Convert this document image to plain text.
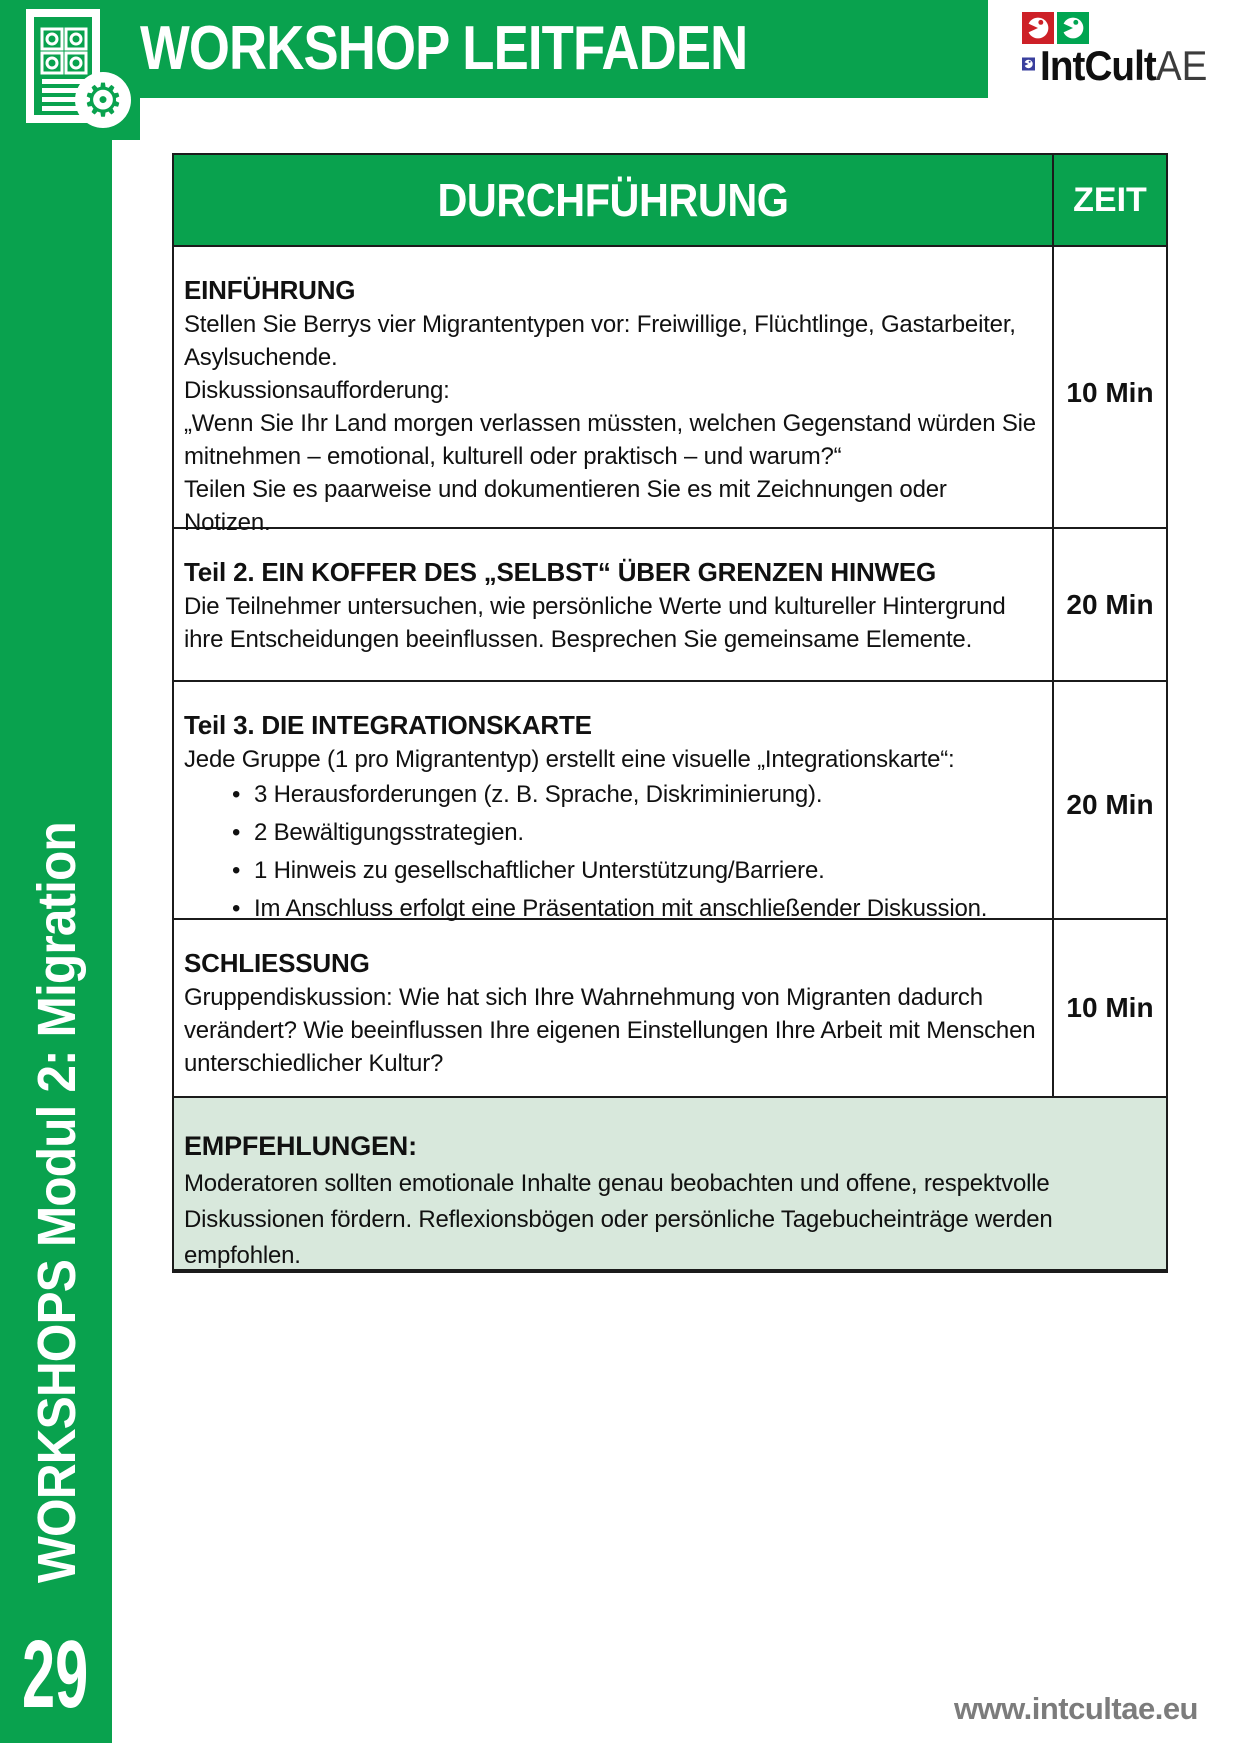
WORKSHOPS Modul 2: Migration
29
WORKSHOP LEITFADEN
⚙
IntCultAE
DURCHFÜHRUNG	ZEIT
EINFÜHRUNG

Stellen Sie Berrys vier Migrantentypen vor: Freiwillige, Flüchtlinge, Gastarbeiter, Asylsuchende.

Diskussionsaufforderung:

„Wenn Sie Ihr Land morgen verlassen müssten, welchen Gegenstand würden Sie mitnehmen – emotional, kulturell oder praktisch – und warum?“

Teilen Sie es paarweise und dokumentieren Sie es mit Zeichnungen oder Notizen.

10 Min
Teil 2. EIN KOFFER DES „SELBST“ ÜBER GRENZEN HINWEG

Die Teilnehmer untersuchen, wie persönliche Werte und kultureller Hintergrund ihre Entscheidungen beeinflussen. Besprechen Sie gemeinsame Elemente.

20 Min
Teil 3. DIE INTEGRATIONSKARTE

Jede Gruppe (1 pro Migrantentyp) erstellt eine visuelle „Integrationskarte“:

• 3 Herausforderungen (z. B. Sprache, Diskriminierung).
• 2 Bewältigungsstrategien.
• 1 Hinweis zu gesellschaftlicher Unterstützung/Barriere.
• Im Anschluss erfolgt eine Präsentation mit anschließender Diskussion.
20 Min
SCHLIESSUNG

Gruppendiskussion: Wie hat sich Ihre Wahrnehmung von Migranten dadurch verändert? Wie beeinflussen Ihre eigenen Einstellungen Ihre Arbeit mit Menschen unterschiedlicher Kultur?

10 Min
EMPFEHLUNGEN:

Moderatoren sollten emotionale Inhalte genau beobachten und offene, respektvolle Diskussionen fördern. Reflexionsbögen oder persönliche Tagebucheinträge werden empfohlen.

www.intcultae.eu
